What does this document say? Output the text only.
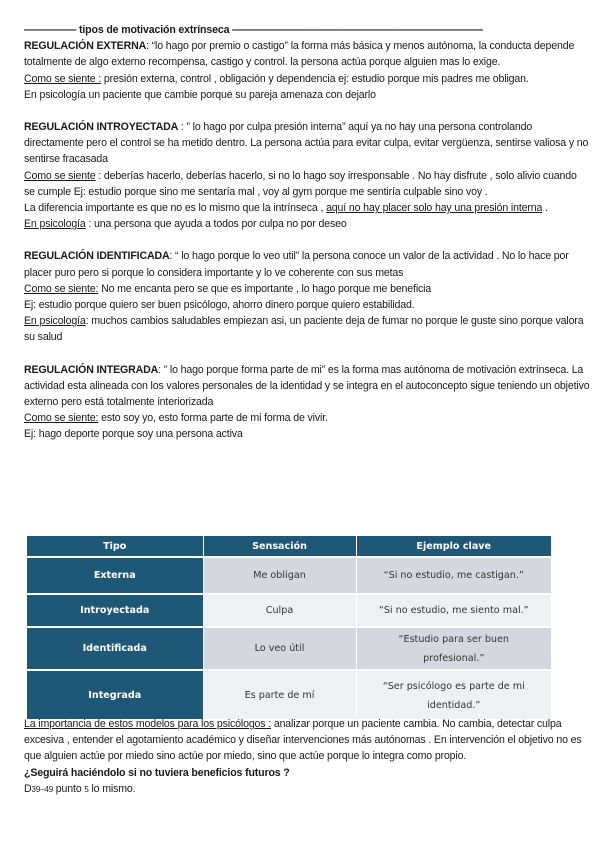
————— tipos de motivación extrínseca ————————————————————————

REGULACIÓN EXTERNA: “lo hago por premio o castigo” la forma más básica y menos autónoma, la conducta depende totalmente de algo externo recompensa, castigo y control. la persona actúa porque alguien mas lo exige.

Como se siente : presión externa, control , obligación y dependencia ej: estudio porque mis padres me obligan.

En psicología un paciente que cambie porque su pareja amenaza con dejarlo

REGULACIÓN INTROYECTADA : ” lo hago por culpa presión interna” aquí ya no hay una persona controlando directamente pero el control se ha metido dentro. La persona actúa para evitar culpa, evitar vergüenza, sentirse valiosa y no sentirse fracasada

Como se siente : deberías hacerlo, deberías hacerlo, si no lo hago soy irresponsable . No hay disfrute , solo alivio cuando se cumple Ej: estudio porque sino me sentaría mal , voy al gym porque me sentiría culpable sino voy .

La diferencia importante es que no es lo mismo que la intrínseca , aquí no hay placer solo hay una presión interna .

En psicología : una persona que ayuda a todos por culpa no por deseo

REGULACIÓN IDENTIFICADA: “ lo hago porque lo veo util” la persona conoce un valor de la actividad . No lo hace por placer puro pero si porque lo considera importante y lo ve coherente con sus metas

Como se siente: No me encanta pero se que es importante , lo hago porque me beneficia

Ej: estudio porque quiero ser buen psicólogo, ahorro dinero porque quiero estabilidad.

En psicología: muchos cambios saludables empiezan asi, un paciente deja de fumar no porque le guste sino porque valora su salud

REGULACIÓN INTEGRADA: ” lo hago porque forma parte de mi” es la forma mas autónoma de motivación extrínseca. La actividad esta alineada con los valores personales de la identidad y se integra en el autoconcepto sigue teniendo un objetivo externo pero está totalmente interiorizada

Como se siente: esto soy yo, esto forma parte de mi forma de vivir.

Ej: hago deporte porque soy una persona activa

Tipo	Sensación	Ejemplo clave
Externa	Me obligan	“Si no estudio, me castigan.”
Introyectada	Culpa	“Si no estudio, me siento mal.”
Identificada	Lo veo útil	“Estudio para ser buen
profesional.”

Integrada	Es parte de mí	“Ser psicólogo es parte de mi
identidad.”

La importancia de estos modelos para los psicólogos : analizar porque un paciente cambia. No cambia, detectar culpa excesiva , entender el agotamiento académico y diseñar intervenciones más autónomas . En intervención el objetivo no es que alguien actúe por miedo sino actúe por miedo, sino que actúe porque lo integra como propio.

¿Seguirá haciéndolo si no tuviera beneficios futuros ?

D39–49 punto 5 lo mismo.
